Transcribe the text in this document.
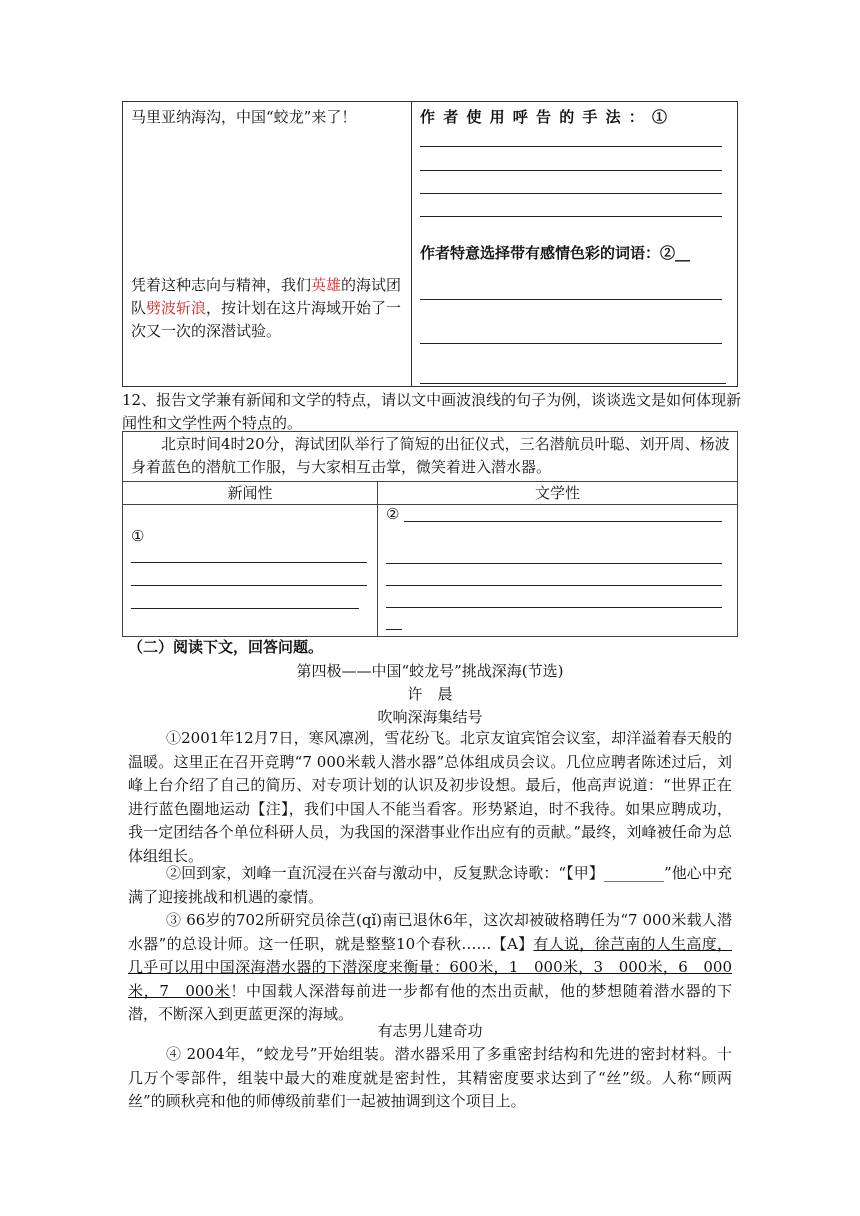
马里亚纳海沟，中国“蛟龙”来了！
凭着这种志向与精神，我们英雄的海试团队劈波斩浪，按计划在这片海域开始了一次又一次的深潜试验。

作者使用呼告的手法：①
作者特意选择带有感情色彩的词语：②__
12、报告文学兼有新闻和文学的特点，请以文中画波浪线的句子为例，谈谈选文是如何体现新闻性和文学性两个特点的。
北京时间4时20分，海试团队举行了简短的出征仪式，三名潜航员叶聪、刘开周、杨波身着蓝色的潜航工作服，与大家相互击掌，微笑着进入潜水器。	

新闻性	文学性

①	②
（二）阅读下文，回答问题。
第四极——中国“蛟龙号”挑战深海(节选)
许　晨
吹响深海集结号
①2001年12月7日，寒风凛冽，雪花纷飞。北京友谊宾馆会议室，却洋溢着春天般的温暖。这里正在召开竞聘“7 000米载人潜水器”总体组成员会议。几位应聘者陈述过后，刘峰上台介绍了自己的简历、对专项计划的认识及初步设想。最后，他高声说道：“世界正在进行蓝色圈地运动【注】，我们中国人不能当看客。形势紧迫，时不我待。如果应聘成功，我一定团结各个单位科研人员，为我国的深潜事业作出应有的贡献。”最终，刘峰被任命为总体组组长。
②回到家，刘峰一直沉浸在兴奋与激动中，反复默念诗歌：“【甲】________”他心中充满了迎接挑战和机遇的豪情。
③ 66岁的702所研究员徐芑(qǐ)南已退休6年，这次却被破格聘任为“7 000米载人潜水器”的总设计师。这一任职，就是整整10个春秋……【A】有人说，徐芑南的人生高度，几乎可以用中国深海潜水器的下潜深度来衡量：600米，1　000米，3　000米，6　000米，7　000米！中国载人深潜每前进一步都有他的杰出贡献，他的梦想随着潜水器的下潜，不断深入到更蓝更深的海域。
有志男儿建奇功
④ 2004年，“蛟龙号”开始组装。潜水器采用了多重密封结构和先进的密封材料。十几万个零部件，组装中最大的难度就是密封性，其精密度要求达到了“丝”级。人称“顾两丝”的顾秋亮和他的师傅级前辈们一起被抽调到这个项目上。
